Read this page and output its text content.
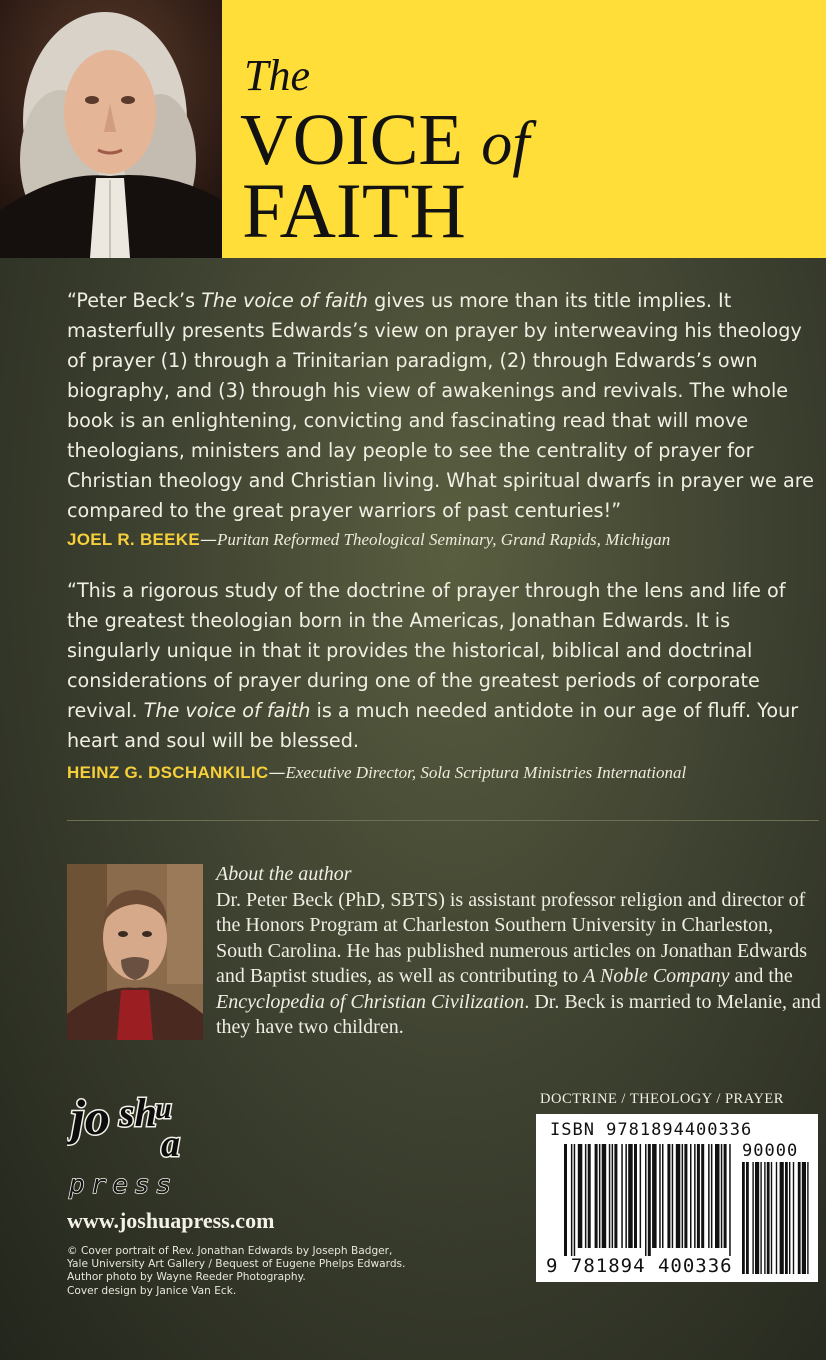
The
VOICE of
FAITH
“Peter Beck’s The voice of faith gives us more than its title implies. It masterfully presents Edwards’s view on prayer by interweaving his theology of prayer (1) through a Trinitarian paradigm, (2) through Edwards’s own biography, and (3) through his view of awakenings and revivals. The whole book is an enlightening, convicting and fascinating read that will move theologians, ministers and lay people to see the centrality of prayer for Christian theology and Christian living. What spiritual dwarfs in prayer we are compared to the great prayer warriors of past centuries!”
JOEL R. BEEKE—Puritan Reformed Theological Seminary, Grand Rapids, Michigan
“This a rigorous study of the doctrine of prayer through the lens and life of the greatest theologian born in the Americas, Jonathan Edwards. It is singularly unique in that it provides the historical, biblical and doctrinal considerations of prayer during one of the greatest periods of corporate revival. The voice of faith is a much needed antidote in our age of fluff. Your heart and soul will be blessed.
HEINZ G. DSCHANKILIC—Executive Director, Sola Scriptura Ministries International
About the author
Dr. Peter Beck (PhD, SBTS) is assistant professor religion and director of the Honors Program at Charleston Southern University in Charleston, South Carolina. He has published numerous articles on Jonathan Edwards and Baptist studies, as well as contributing to A Noble Company and the Encyclopedia of Christian Civilization. Dr. Beck is married to Melanie, and they have two children.
jo sh
u
a
press
www.joshuapress.com
© Cover portrait of Rev. Jonathan Edwards by Joseph Badger,
Yale University Art Gallery / Bequest of Eugene Phelps Edwards.
Author photo by Wayne Reeder Photography.
Cover design by Janice Van Eck.
DOCTRINE / THEOLOGY / PRAYER
ISBN 9781894400336
90000
9 781894 400336
